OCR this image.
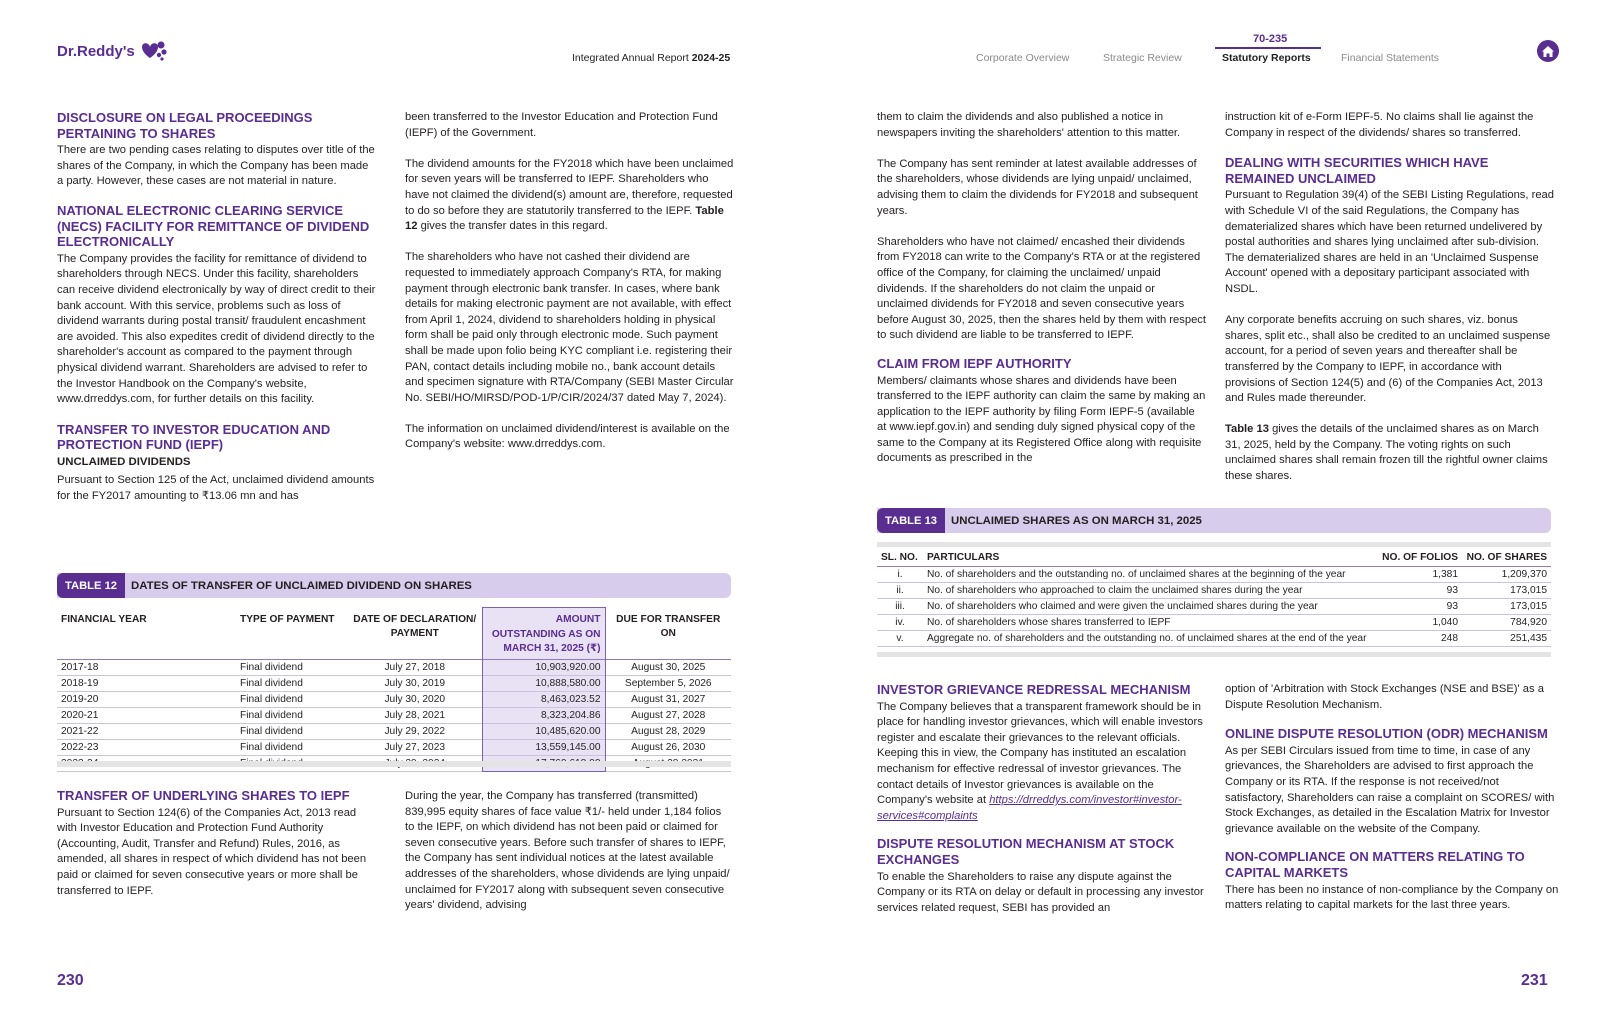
Dr.Reddy's	Integrated Annual Report 2024-25
70-235
Corporate Overview	Strategic Review	Statutory Reports	Financial Statements
DISCLOSURE ON LEGAL PROCEEDINGS PERTAINING TO SHARES

There are two pending cases relating to disputes over title of the shares of the Company, in which the Company has been made a party. However, these cases are not material in nature.

NATIONAL ELECTRONIC CLEARING SERVICE (NECS) FACILITY FOR REMITTANCE OF DIVIDEND ELECTRONICALLY

The Company provides the facility for remittance of dividend to shareholders through NECS. Under this facility, shareholders can receive dividend electronically by way of direct credit to their bank account. With this service, problems such as loss of dividend warrants during postal transit/ fraudulent encashment are avoided. This also expedites credit of dividend directly to the shareholder's account as compared to the payment through physical dividend warrant. Shareholders are advised to refer to the Investor Handbook on the Company's website, www.drreddys.com, for further details on this facility.

TRANSFER TO INVESTOR EDUCATION AND PROTECTION FUND (IEPF)
UNCLAIMED DIVIDENDS

Pursuant to Section 125 of the Act, unclaimed dividend amounts for the FY2017 amounting to ₹13.06 mn and has

been transferred to the Investor Education and Protection Fund (IEPF) of the Government.

The dividend amounts for the FY2018 which have been unclaimed for seven years will be transferred to IEPF. Shareholders who have not claimed the dividend(s) amount are, therefore, requested to do so before they are statutorily transferred to the IEPF. Table 12 gives the transfer dates in this regard.

The shareholders who have not cashed their dividend are requested to immediately approach Company's RTA, for making payment through electronic bank transfer. In cases, where bank details for making electronic payment are not available, with effect from April 1, 2024, dividend to shareholders holding in physical form shall be paid only through electronic mode. Such payment shall be made upon folio being KYC compliant i.e. registering their PAN, contact details including mobile no., bank account details and specimen signature with RTA/Company (SEBI Master Circular No. SEBI/HO/MIRSD/POD-1/P/CIR/2024/37 dated May 7, 2024).

The information on unclaimed dividend/interest is available on the Company's website: www.drreddys.com.

TABLE 12	DATES OF TRANSFER OF UNCLAIMED DIVIDEND ON SHARES
FINANCIAL YEAR	TYPE OF PAYMENT	DATE OF DECLARATION/ PAYMENT	AMOUNT OUTSTANDING AS ON MARCH 31, 2025 (₹)	DUE FOR TRANSFER ON
2017-18	Final dividend	July 27, 2018	10,903,920.00	August 30, 2025
2018-19	Final dividend	July 30, 2019	10,888,580.00	September 5, 2026
2019-20	Final dividend	July 30, 2020	8,463,023.52	August 31, 2027
2020-21	Final dividend	July 28, 2021	8,323,204.86	August 27, 2028
2021-22	Final dividend	July 29, 2022	10,485,620.00	August 28, 2029
2022-23	Final dividend	July 27, 2023	13,559,145.00	August 26, 2030

TRANSFER OF UNDERLYING SHARES TO IEPF

Pursuant to Section 124(6) of the Companies Act, 2013 read with Investor Education and Protection Fund Authority (Accounting, Audit, Transfer and Refund) Rules, 2016, as amended, all shares in respect of which dividend has not been paid or claimed for seven consecutive years or more shall be transferred to IEPF.

During the year, the Company has transferred (transmitted) 839,995 equity shares of face value ₹1/- held under 1,184 folios to the IEPF, on which dividend has not been paid or claimed for seven consecutive years. Before such transfer of shares to IEPF, the Company has sent individual notices at the latest available addresses of the shareholders, whose dividends are lying unpaid/ unclaimed for FY2017 along with subsequent seven consecutive years' dividend, advising

230

them to claim the dividends and also published a notice in newspapers inviting the shareholders' attention to this matter.

The Company has sent reminder at latest available addresses of the shareholders, whose dividends are lying unpaid/ unclaimed, advising them to claim the dividends for FY2018 and subsequent years.

Shareholders who have not claimed/ encashed their dividends from FY2018 can write to the Company's RTA or at the registered office of the Company, for claiming the unclaimed/ unpaid dividends. If the shareholders do not claim the unpaid or unclaimed dividends for FY2018 and seven consecutive years before August 30, 2025, then the shares held by them with respect to such dividend are liable to be transferred to IEPF.

CLAIM FROM IEPF AUTHORITY

Members/ claimants whose shares and dividends have been transferred to the IEPF authority can claim the same by making an application to the IEPF authority by filing Form IEPF-5 (available at www.iepf.gov.in) and sending duly signed physical copy of the same to the Company at its Registered Office along with requisite documents as prescribed in the

instruction kit of e-Form IEPF-5. No claims shall lie against the Company in respect of the dividends/ shares so transferred.

DEALING WITH SECURITIES WHICH HAVE REMAINED UNCLAIMED

Pursuant to Regulation 39(4) of the SEBI Listing Regulations, read with Schedule VI of the said Regulations, the Company has dematerialized shares which have been returned undelivered by postal authorities and shares lying unclaimed after sub-division. The dematerialized shares are held in an 'Unclaimed Suspense Account' opened with a depositary participant associated with NSDL.

Any corporate benefits accruing on such shares, viz. bonus shares, split etc., shall also be credited to an unclaimed suspense account, for a period of seven years and thereafter shall be transferred by the Company to IEPF, in accordance with provisions of Section 124(5) and (6) of the Companies Act, 2013 and Rules made thereunder.

Table 13 gives the details of the unclaimed shares as on March 31, 2025, held by the Company. The voting rights on such unclaimed shares shall remain frozen till the rightful owner claims these shares.

TABLE 13	UNCLAIMED SHARES AS ON MARCH 31, 2025
SL. NO.	PARTICULARS	NO. OF FOLIOS	NO. OF SHARES
i.	No. of shareholders and the outstanding no. of unclaimed shares at the beginning of the year	1,381	1,209,370
ii.	No. of shareholders who approached to claim the unclaimed shares during the year	93	173,015
iii.	No. of shareholders who claimed and were given the unclaimed shares during the year	93	173,015
iv.	No. of shareholders whose shares transferred to IEPF	1,040	784,920
v.	Aggregate no. of shareholders and the outstanding no. of unclaimed shares at the end of the year	248	251,435
INVESTOR GRIEVANCE REDRESSAL MECHANISM

The Company believes that a transparent framework should be in place for handling investor grievances, which will enable investors register and escalate their grievances to the relevant officials. Keeping this in view, the Company has instituted an escalation mechanism for effective redressal of investor grievances. The contact details of Investor grievances is available on the Company's website at https://drreddys.com/investor#investor-services#complaints

DISPUTE RESOLUTION MECHANISM AT STOCK EXCHANGES

To enable the Shareholders to raise any dispute against the Company or its RTA on delay or default in processing any investor services related request, SEBI has provided an

option of 'Arbitration with Stock Exchanges (NSE and BSE)' as a Dispute Resolution Mechanism.

ONLINE DISPUTE RESOLUTION (ODR) MECHANISM

As per SEBI Circulars issued from time to time, in case of any grievances, the Shareholders are advised to first approach the Company or its RTA. If the response is not received/not satisfactory, Shareholders can raise a complaint on SCORES/ with Stock Exchanges, as detailed in the Escalation Matrix for Investor grievance available on the website of the Company.

NON-COMPLIANCE ON MATTERS RELATING TO CAPITAL MARKETS

There has been no instance of non-compliance by the Company on matters relating to capital markets for the last three years.

231
